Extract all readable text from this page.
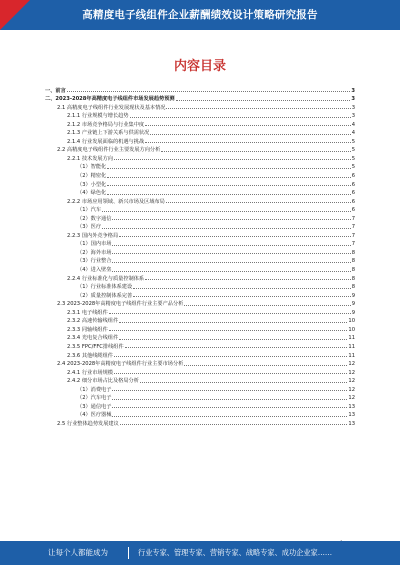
高精度电子线组件企业薪酬绩效设计策略研究报告
内容目录
一、前言	3
二、2023-2028年高精度电子线组件市场发展趋势预测	3
2.1 高精度电子线组件行业发展现状及基本情况	3
2.1.1 行业规模与增长趋势	3
2.1.2 市场竞争格局与行业集中度	4
2.1.3 产业链上下游关系与供需状况	4
2.1.4 行业发展面临的机遇与挑战	5
2.2 高精度电子线组件行业主要发展方向分析	5
2.2.1 技术发展方向	5
（1）智能化	5
（2）精密化	6
（3）小型化	6
（4）绿色化	6
2.2.2 市场应用领域、新兴市场及区域布局	6
（1）汽车	6
（2）数字通信	7
（3）医疗	7
2.2.3 国内外竞争格局	7
（1）国内市场	7
（2）海外市场	8
（3）行业整合	8
（4）进入壁垒	8
2.2.4 行业标准化与质量控制体系	8
（1）行业标准体系建设	8
（2）质量控制体系完善	9
2.3 2023-2028年高精度电子线组件行业主要产品分析	9
2.3.1 电子线组件	9
2.3.2 高速传输线组件	10
2.3.3 同轴线组件	10
2.3.4 光电复合线组件	11
2.3.5 FPC/FFC排线组件	11
2.3.6 其他线缆组件	11
2.4 2023-2028年高精度电子线组件行业主要市场分析	12
2.4.1 行业市场规模	12
2.4.2 细分市场占比及格局分析	12
（1）消费电子	12
（2）汽车电子	12
（3）通信电子	13
（4）医疗器械	13
2.5 行业整体趋势发展建议	13
让每个人都能成为	行业专家、管理专家、营销专家、战略专家、成功企业家……
